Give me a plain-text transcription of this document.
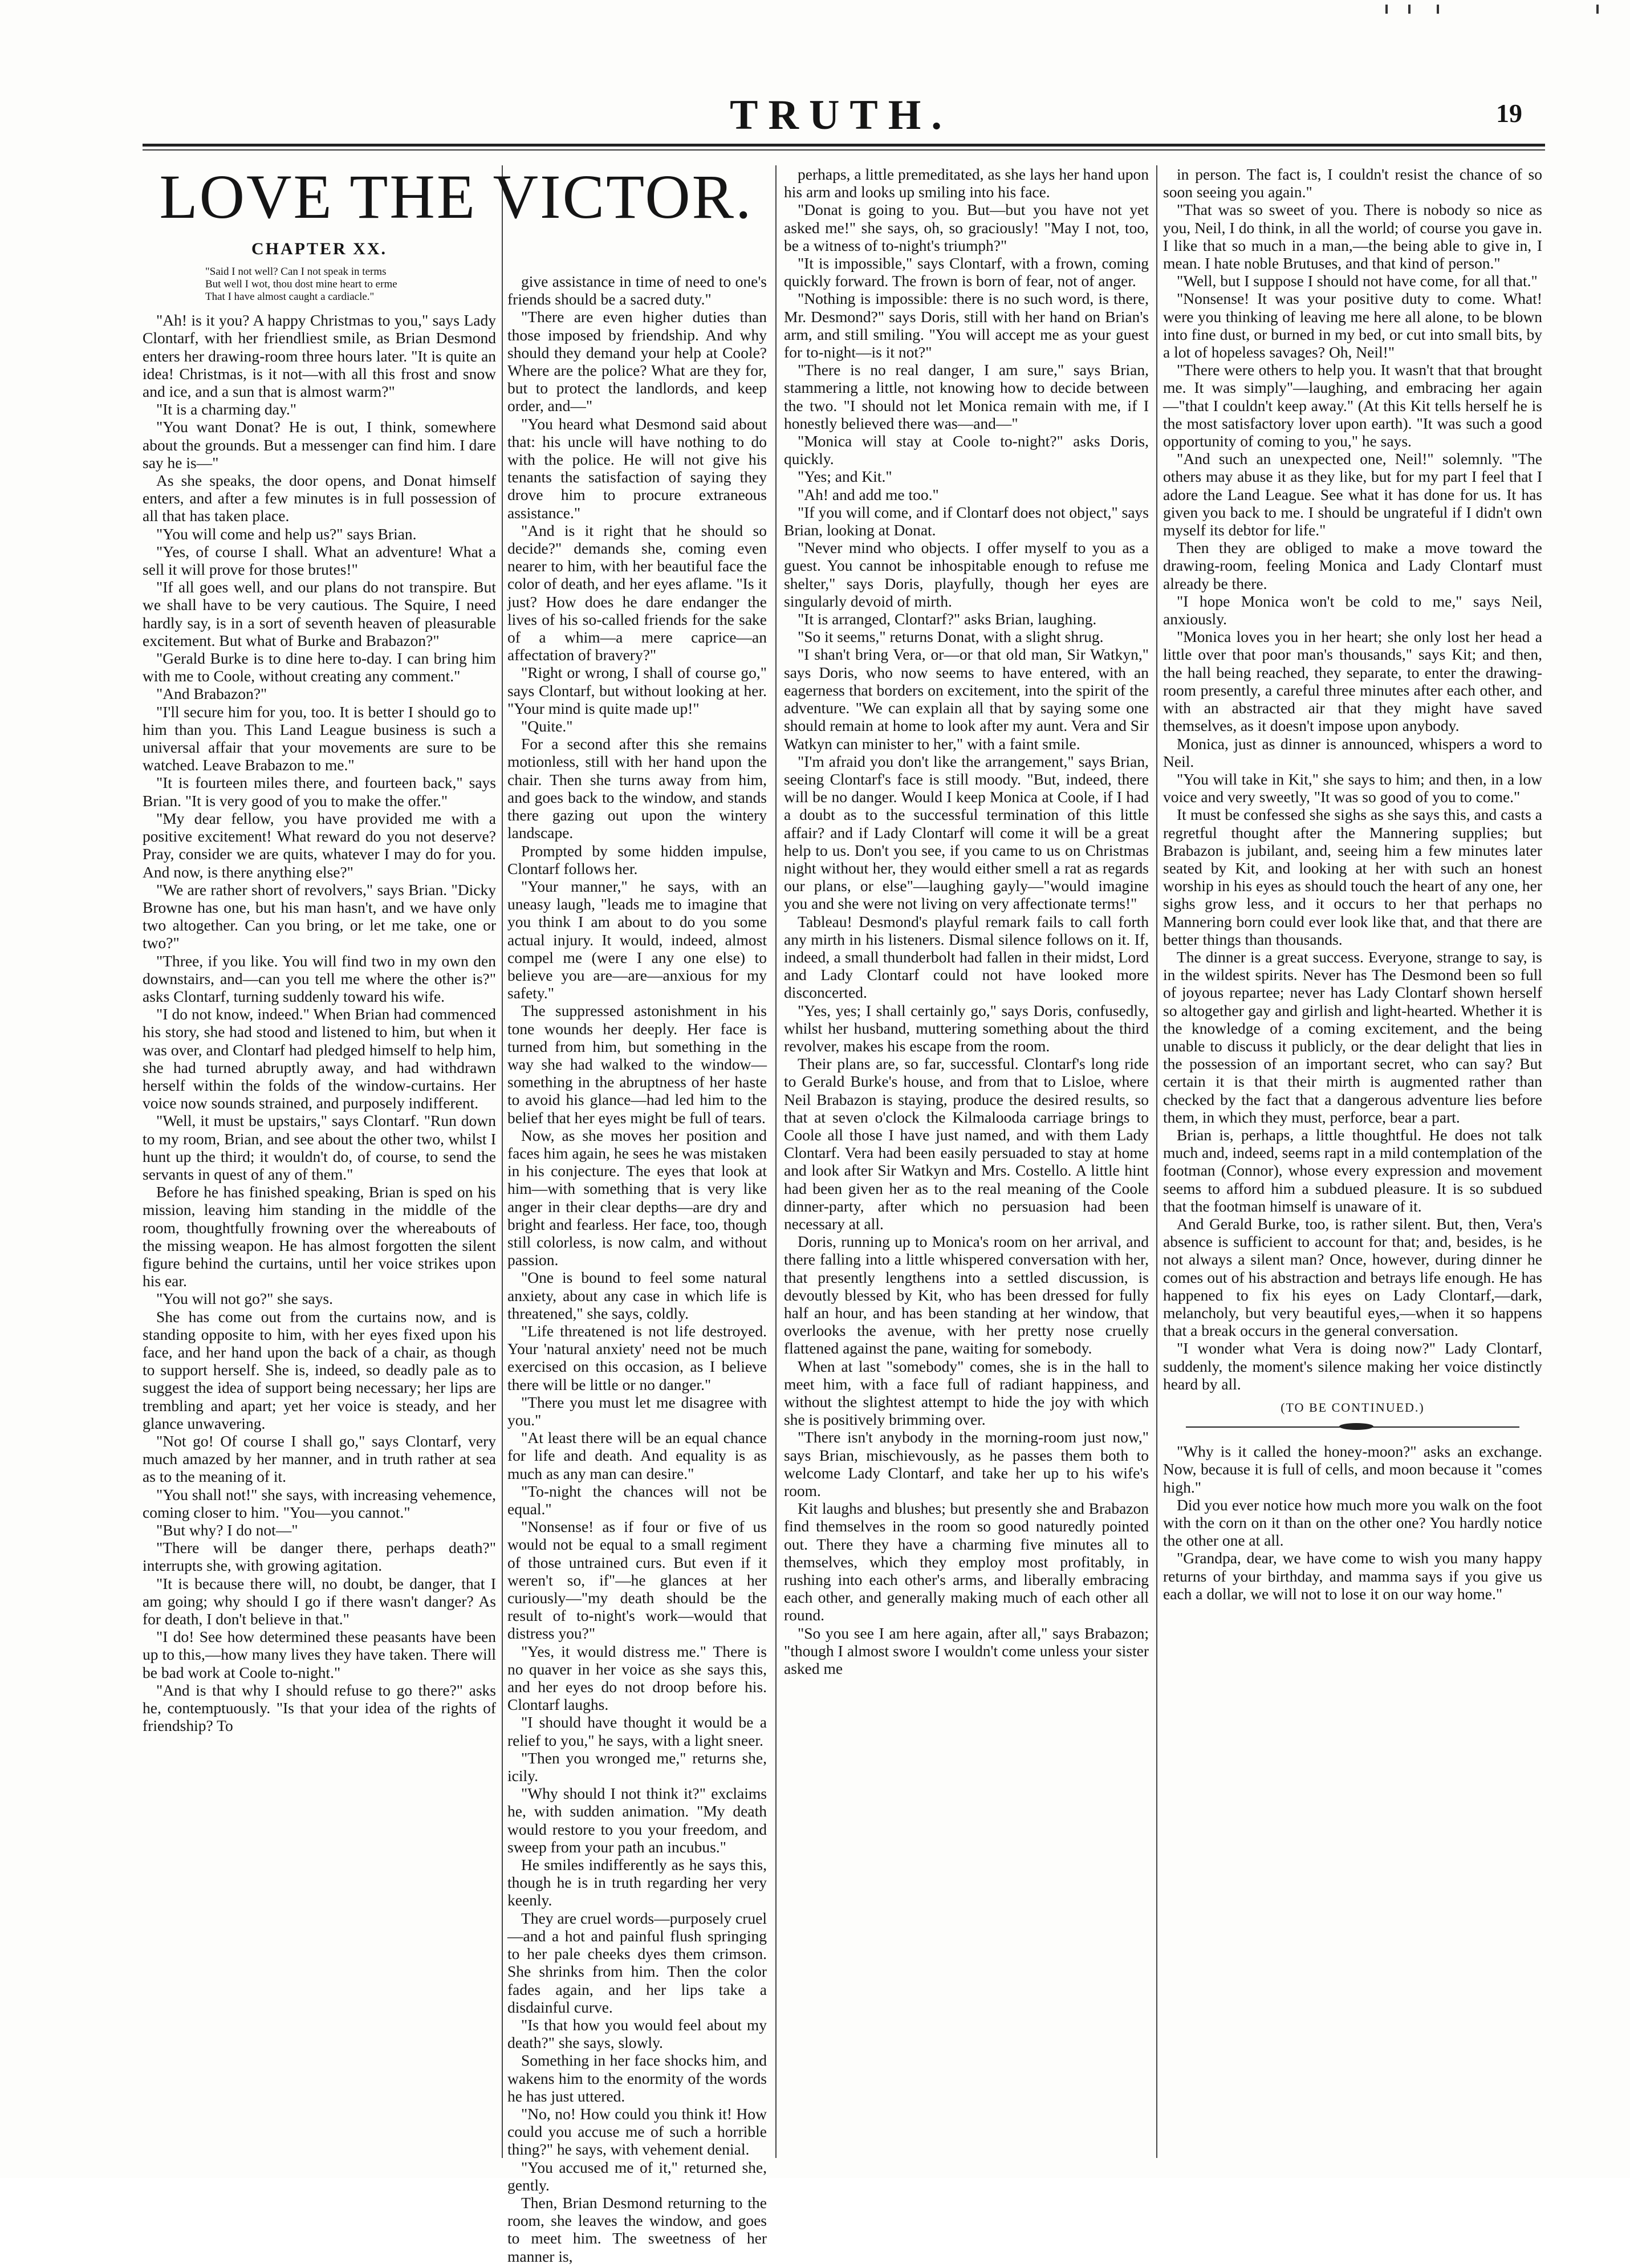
TRUTH.	19
LOVE THE VICTOR.
CHAPTER XX.
"Said I not well? Can I not speak in terms
But well I wot, thou dost mine heart to erme
That I have almost caught a cardiacle."

"Ah! is it you? A happy Christmas to you," says Lady Clontarf, with her friendliest smile, as Brian Desmond enters her drawing-room three hours later. "It is quite an idea! Christmas, is it not—with all this frost and snow and ice, and a sun that is almost warm?"

"It is a charming day."

"You want Donat? He is out, I think, somewhere about the grounds. But a messenger can find him. I dare say he is—"

As she speaks, the door opens, and Donat himself enters, and after a few minutes is in full possession of all that has taken place.

"You will come and help us?" says Brian.

"Yes, of course I shall. What an adventure! What a sell it will prove for those brutes!"

"If all goes well, and our plans do not transpire. But we shall have to be very cautious. The Squire, I need hardly say, is in a sort of seventh heaven of pleasurable excitement. But what of Burke and Brabazon?"

"Gerald Burke is to dine here to-day. I can bring him with me to Coole, without creating any comment."

"And Brabazon?"

"I'll secure him for you, too. It is better I should go to him than you. This Land League business is such a universal affair that your movements are sure to be watched. Leave Brabazon to me."

"It is fourteen miles there, and fourteen back," says Brian. "It is very good of you to make the offer."

"My dear fellow, you have provided me with a positive excitement! What reward do you not deserve? Pray, consider we are quits, whatever I may do for you. And now, is there anything else?"

"We are rather short of revolvers," says Brian. "Dicky Browne has one, but his man hasn't, and we have only two altogether. Can you bring, or let me take, one or two?"

"Three, if you like. You will find two in my own den downstairs, and—can you tell me where the other is?" asks Clontarf, turning suddenly toward his wife.

"I do not know, indeed." When Brian had commenced his story, she had stood and listened to him, but when it was over, and Clontarf had pledged himself to help him, she had turned abruptly away, and had withdrawn herself within the folds of the window-curtains. Her voice now sounds strained, and purposely indifferent.

"Well, it must be upstairs," says Clontarf. "Run down to my room, Brian, and see about the other two, whilst I hunt up the third; it wouldn't do, of course, to send the servants in quest of any of them."

Before he has finished speaking, Brian is sped on his mission, leaving him standing in the middle of the room, thoughtfully frowning over the whereabouts of the missing weapon. He has almost forgotten the silent figure behind the curtains, until her voice strikes upon his ear.

"You will not go?" she says.

She has come out from the curtains now, and is standing opposite to him, with her eyes fixed upon his face, and her hand upon the back of a chair, as though to support herself. She is, indeed, so deadly pale as to suggest the idea of support being necessary; her lips are trembling and apart; yet her voice is steady, and her glance unwavering.

"Not go! Of course I shall go," says Clontarf, very much amazed by her manner, and in truth rather at sea as to the meaning of it.

"You shall not!" she says, with increasing vehemence, coming closer to him. "You—you cannot."

"But why? I do not—"

"There will be danger there, perhaps death?" interrupts she, with growing agitation.

"It is because there will, no doubt, be danger, that I am going; why should I go if there wasn't danger? As for death, I don't believe in that."

"I do! See how determined these peasants have been up to this,—how many lives they have taken. There will be bad work at Coole to-night."

"And is that why I should refuse to go there?" asks he, contemptuously. "Is that your idea of the rights of friendship? To

give assistance in time of need to one's friends should be a sacred duty."

"There are even higher duties than those imposed by friendship. And why should they demand your help at Coole? Where are the police? What are they for, but to protect the landlords, and keep order, and—"

"You heard what Desmond said about that: his uncle will have nothing to do with the police. He will not give his tenants the satisfaction of saying they drove him to procure extraneous assistance."

"And is it right that he should so decide?" demands she, coming even nearer to him, with her beautiful face the color of death, and her eyes aflame. "Is it just? How does he dare endanger the lives of his so-called friends for the sake of a whim—a mere caprice—an affectation of bravery?"

"Right or wrong, I shall of course go," says Clontarf, but without looking at her. "Your mind is quite made up!"

"Quite."

For a second after this she remains motionless, still with her hand upon the chair. Then she turns away from him, and goes back to the window, and stands there gazing out upon the wintery landscape.

Prompted by some hidden impulse, Clontarf follows her.

"Your manner," he says, with an uneasy laugh, "leads me to imagine that you think I am about to do you some actual injury. It would, indeed, almost compel me (were I any one else) to believe you are—are—anxious for my safety."

The suppressed astonishment in his tone wounds her deeply. Her face is turned from him, but something in the way she had walked to the window—something in the abruptness of her haste to avoid his glance—had led him to the belief that her eyes might be full of tears.

Now, as she moves her position and faces him again, he sees he was mistaken in his conjecture. The eyes that look at him—with something that is very like anger in their clear depths—are dry and bright and fearless. Her face, too, though still colorless, is now calm, and without passion.

"One is bound to feel some natural anxiety, about any case in which life is threatened," she says, coldly.

"Life threatened is not life destroyed. Your 'natural anxiety' need not be much exercised on this occasion, as I believe there will be little or no danger."

"There you must let me disagree with you."

"At least there will be an equal chance for life and death. And equality is as much as any man can desire."

"To-night the chances will not be equal."

"Nonsense! as if four or five of us would not be equal to a small regiment of those untrained curs. But even if it weren't so, if"—he glances at her curiously—"my death should be the result of to-night's work—would that distress you?"

"Yes, it would distress me." There is no quaver in her voice as she says this, and her eyes do not droop before his. Clontarf laughs.

"I should have thought it would be a relief to you," he says, with a light sneer.

"Then you wronged me," returns she, icily.

"Why should I not think it?" exclaims he, with sudden animation. "My death would restore to you your freedom, and sweep from your path an incubus."

He smiles indifferently as he says this, though he is in truth regarding her very keenly.

They are cruel words—purposely cruel—and a hot and painful flush springing to her pale cheeks dyes them crimson. She shrinks from him. Then the color fades again, and her lips take a disdainful curve.

"Is that how you would feel about my death?" she says, slowly.

Something in her face shocks him, and wakens him to the enormity of the words he has just uttered.

"No, no! How could you think it! How could you accuse me of such a horrible thing?" he says, with vehement denial.

"You accused me of it," returned she, gently.

Then, Brian Desmond returning to the room, she leaves the window, and goes to meet him. The sweetness of her manner is,

perhaps, a little premeditated, as she lays her hand upon his arm and looks up smiling into his face.

"Donat is going to you. But—but you have not yet asked me!" she says, oh, so graciously! "May I not, too, be a witness of to-night's triumph?"

"It is impossible," says Clontarf, with a frown, coming quickly forward. The frown is born of fear, not of anger.

"Nothing is impossible: there is no such word, is there, Mr. Desmond?" says Doris, still with her hand on Brian's arm, and still smiling. "You will accept me as your guest for to-night—is it not?"

"There is no real danger, I am sure," says Brian, stammering a little, not knowing how to decide between the two. "I should not let Monica remain with me, if I honestly believed there was—and—"

"Monica will stay at Coole to-night?" asks Doris, quickly.

"Yes; and Kit."

"Ah! and add me too."

"If you will come, and if Clontarf does not object," says Brian, looking at Donat.

"Never mind who objects. I offer myself to you as a guest. You cannot be inhospitable enough to refuse me shelter," says Doris, playfully, though her eyes are singularly devoid of mirth.

"It is arranged, Clontarf?" asks Brian, laughing.

"So it seems," returns Donat, with a slight shrug.

"I shan't bring Vera, or—or that old man, Sir Watkyn," says Doris, who now seems to have entered, with an eagerness that borders on excitement, into the spirit of the adventure. "We can explain all that by saying some one should remain at home to look after my aunt. Vera and Sir Watkyn can minister to her," with a faint smile.

"I'm afraid you don't like the arrangement," says Brian, seeing Clontarf's face is still moody. "But, indeed, there will be no danger. Would I keep Monica at Coole, if I had a doubt as to the successful termination of this little affair? and if Lady Clontarf will come it will be a great help to us. Don't you see, if you came to us on Christmas night without her, they would either smell a rat as regards our plans, or else"—laughing gayly—"would imagine you and she were not living on very affectionate terms!"

Tableau! Desmond's playful remark fails to call forth any mirth in his listeners. Dismal silence follows on it. If, indeed, a small thunderbolt had fallen in their midst, Lord and Lady Clontarf could not have looked more disconcerted.

"Yes, yes; I shall certainly go," says Doris, confusedly, whilst her husband, muttering something about the third revolver, makes his escape from the room.

Their plans are, so far, successful. Clontarf's long ride to Gerald Burke's house, and from that to Lisloe, where Neil Brabazon is staying, produce the desired results, so that at seven o'clock the Kilmalooda carriage brings to Coole all those I have just named, and with them Lady Clontarf. Vera had been easily persuaded to stay at home and look after Sir Watkyn and Mrs. Costello. A little hint had been given her as to the real meaning of the Coole dinner-party, after which no persuasion had been necessary at all.

Doris, running up to Monica's room on her arrival, and there falling into a little whispered conversation with her, that presently lengthens into a settled discussion, is devoutly blessed by Kit, who has been dressed for fully half an hour, and has been standing at her window, that overlooks the avenue, with her pretty nose cruelly flattened against the pane, waiting for somebody.

When at last "somebody" comes, she is in the hall to meet him, with a face full of radiant happiness, and without the slightest attempt to hide the joy with which she is positively brimming over.

"There isn't anybody in the morning-room just now," says Brian, mischievously, as he passes them both to welcome Lady Clontarf, and take her up to his wife's room.

Kit laughs and blushes; but presently she and Brabazon find themselves in the room so good naturedly pointed out. There they have a charming five minutes all to themselves, which they employ most profitably, in rushing into each other's arms, and liberally embracing each other, and generally making much of each other all round.

"So you see I am here again, after all," says Brabazon; "though I almost swore I wouldn't come unless your sister asked me

in person. The fact is, I couldn't resist the chance of so soon seeing you again."

"That was so sweet of you. There is nobody so nice as you, Neil, I do think, in all the world; of course you gave in. I like that so much in a man,—the being able to give in, I mean. I hate noble Brutuses, and that kind of person."

"Well, but I suppose I should not have come, for all that."

"Nonsense! It was your positive duty to come. What! were you thinking of leaving me here all alone, to be blown into fine dust, or burned in my bed, or cut into small bits, by a lot of hopeless savages? Oh, Neil!"

"There were others to help you. It wasn't that that brought me. It was simply"—laughing, and embracing her again—"that I couldn't keep away." (At this Kit tells herself he is the most satisfactory lover upon earth). "It was such a good opportunity of coming to you," he says.

"And such an unexpected one, Neil!" solemnly. "The others may abuse it as they like, but for my part I feel that I adore the Land League. See what it has done for us. It has given you back to me. I should be ungrateful if I didn't own myself its debtor for life."

Then they are obliged to make a move toward the drawing-room, feeling Monica and Lady Clontarf must already be there.

"I hope Monica won't be cold to me," says Neil, anxiously.

"Monica loves you in her heart; she only lost her head a little over that poor man's thousands," says Kit; and then, the hall being reached, they separate, to enter the drawing-room presently, a careful three minutes after each other, and with an abstracted air that they might have saved themselves, as it doesn't impose upon anybody.

Monica, just as dinner is announced, whispers a word to Neil.

"You will take in Kit," she says to him; and then, in a low voice and very sweetly, "It was so good of you to come."

It must be confessed she sighs as she says this, and casts a regretful thought after the Mannering supplies; but Brabazon is jubilant, and, seeing him a few minutes later seated by Kit, and looking at her with such an honest worship in his eyes as should touch the heart of any one, her sighs grow less, and it occurs to her that perhaps no Mannering born could ever look like that, and that there are better things than thousands.

The dinner is a great success. Everyone, strange to say, is in the wildest spirits. Never has The Desmond been so full of joyous repartee; never has Lady Clontarf shown herself so altogether gay and girlish and light-hearted. Whether it is the knowledge of a coming excitement, and the being unable to discuss it publicly, or the dear delight that lies in the possession of an important secret, who can say? But certain it is that their mirth is augmented rather than checked by the fact that a dangerous adventure lies before them, in which they must, perforce, bear a part.

Brian is, perhaps, a little thoughtful. He does not talk much and, indeed, seems rapt in a mild contemplation of the footman (Connor), whose every expression and movement seems to afford him a subdued pleasure. It is so subdued that the footman himself is unaware of it.

And Gerald Burke, too, is rather silent. But, then, Vera's absence is sufficient to account for that; and, besides, is he not always a silent man? Once, however, during dinner he comes out of his abstraction and betrays life enough. He has happened to fix his eyes on Lady Clontarf,—dark, melancholy, but very beautiful eyes,—when it so happens that a break occurs in the general conversation.

"I wonder what Vera is doing now?" Lady Clontarf, suddenly, the moment's silence making her voice distinctly heard by all.

(TO BE CONTINUED.)

"Why is it called the honey-moon?" asks an exchange. Now, because it is full of cells, and moon because it "comes high."

Did you ever notice how much more you walk on the foot with the corn on it than on the other one? You hardly notice the other one at all.

"Grandpa, dear, we have come to wish you many happy returns of your birthday, and mamma says if you give us each a dollar, we will not to lose it on our way home."
